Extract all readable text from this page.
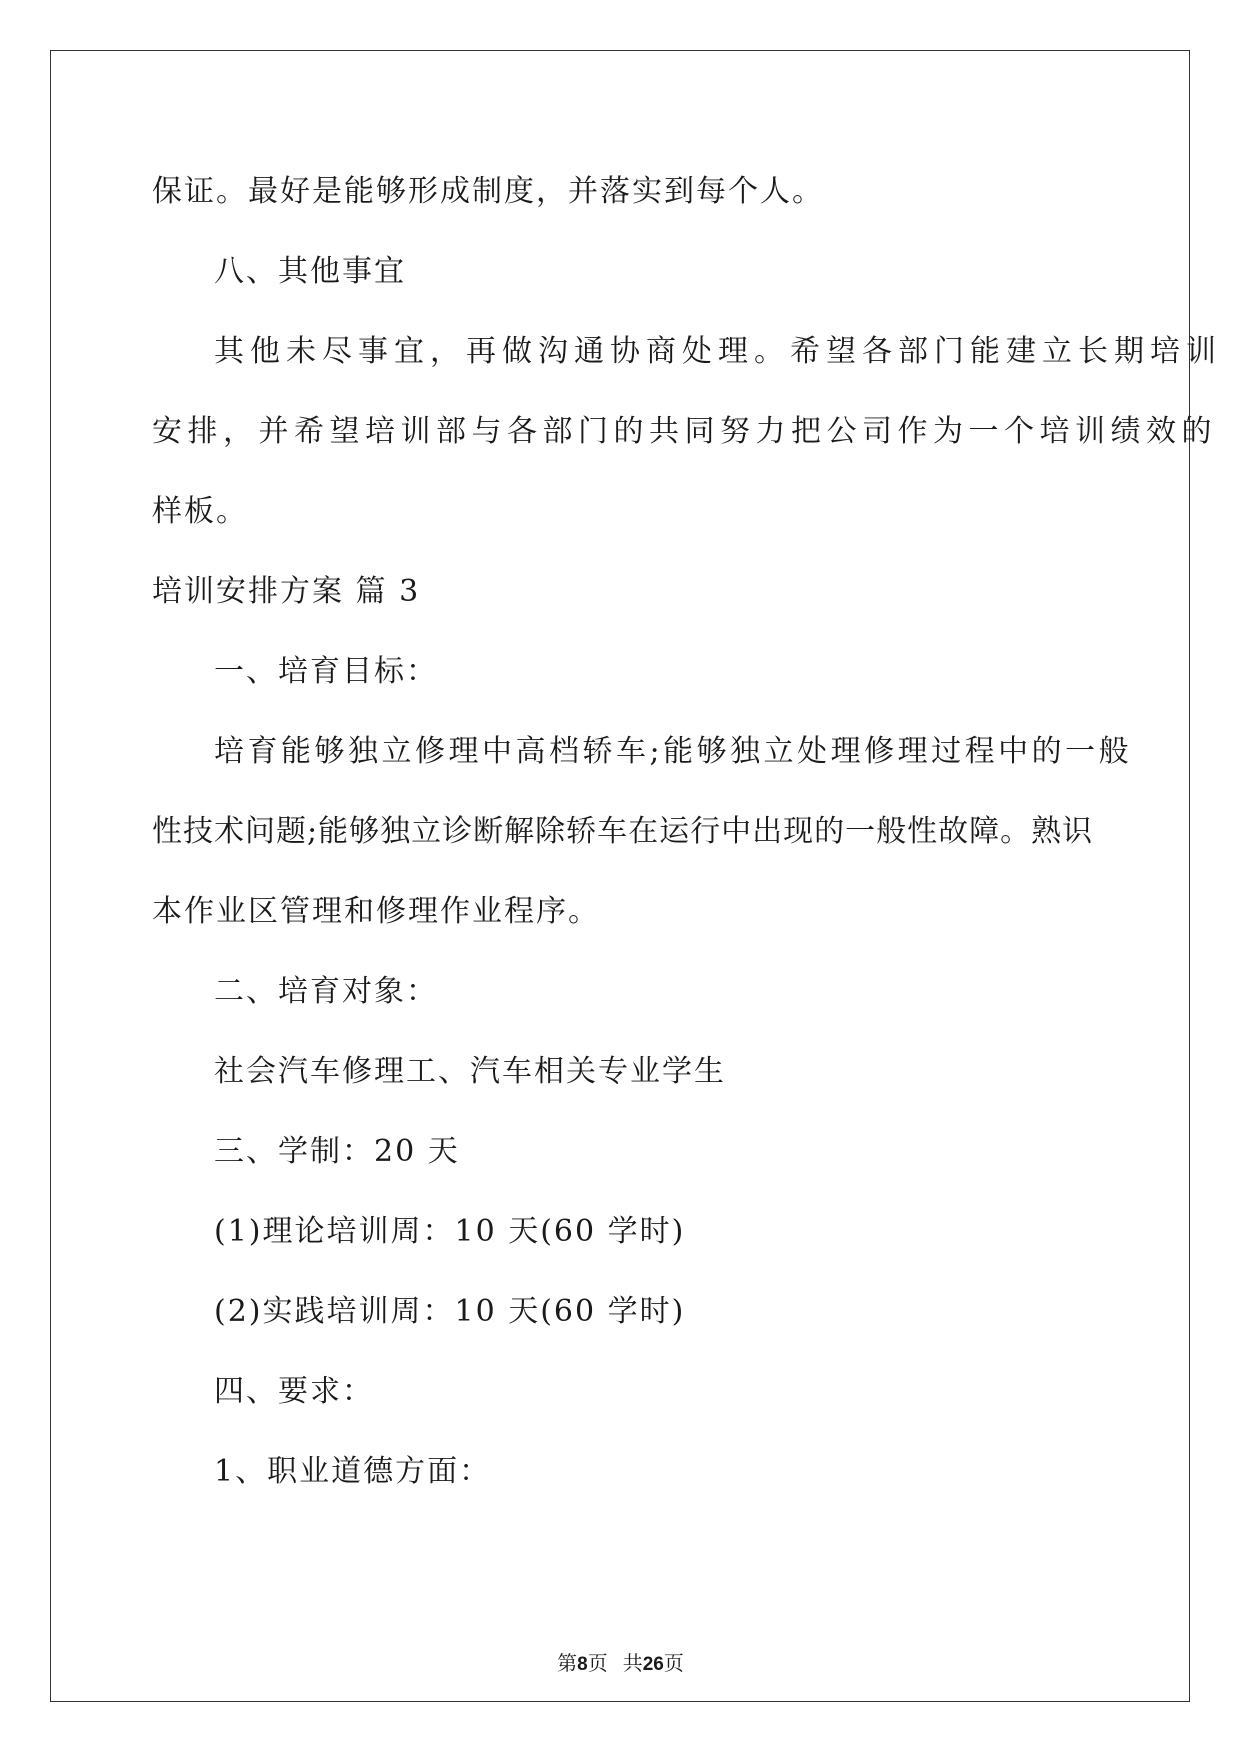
保证。最好是能够形成制度，并落实到每个人。
八、其他事宜
其他未尽事宜，再做沟通协商处理。希望各部门能建立长期培训
安排，并希望培训部与各部门的共同努力把公司作为一个培训绩效的
样板。
培训安排方案 篇 3
一、培育目标：
培育能够独立修理中高档轿车;能够独立处理修理过程中的一般
性技术问题;能够独立诊断解除轿车在运行中出现的一般性故障。熟识
本作业区管理和修理作业程序。
二、培育对象：
社会汽车修理工、汽车相关专业学生
三、学制：20 天
(1)理论培训周：10 天(60 学时)
(2)实践培训周：10 天(60 学时)
四、要求：
1、职业道德方面：
第8页 共26页
